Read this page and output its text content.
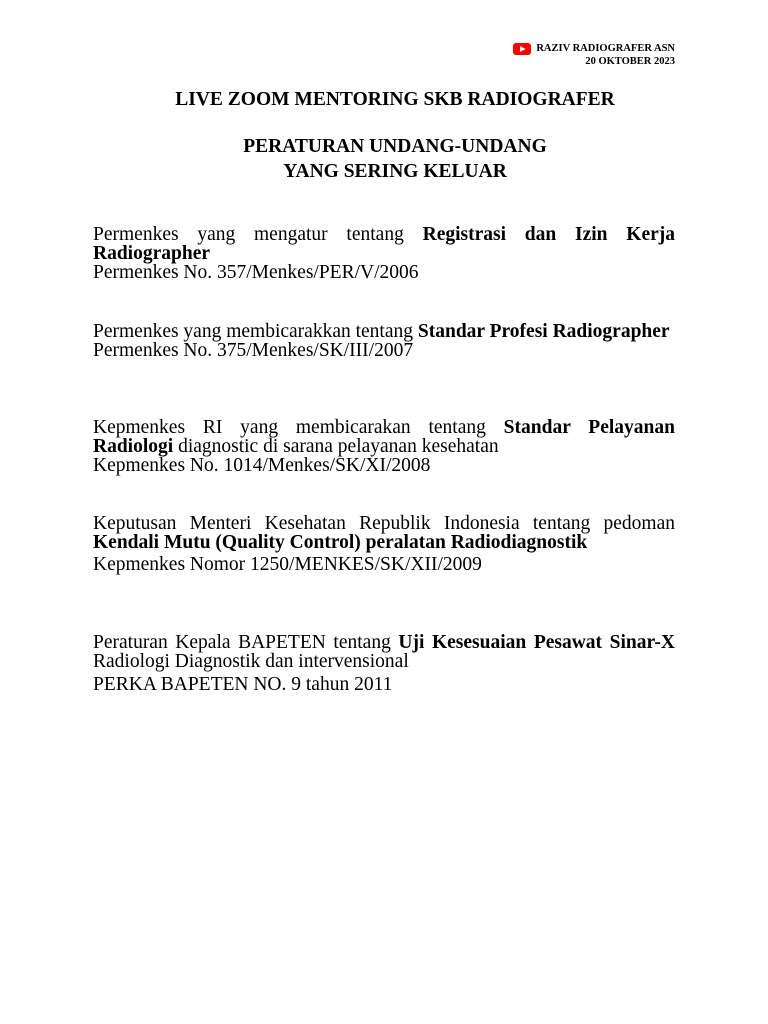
RAZIV RADIOGRAFER ASN
20 OKTOBER 2023
LIVE ZOOM MENTORING SKB RADIOGRAFER
PERATURAN UNDANG-UNDANG
YANG SERING KELUAR
Permenkes yang mengatur tentang Registrasi dan Izin Kerja Radiographer
Permenkes No. 357/Menkes/PER/V/2006
Permenkes yang membicarakkan tentang Standar Profesi Radiographer
Permenkes No. 375/Menkes/SK/III/2007
Kepmenkes RI yang membicarakan tentang Standar Pelayanan Radiologi diagnostic di sarana pelayanan kesehatan
Kepmenkes No. 1014/Menkes/SK/XI/2008
Keputusan Menteri Kesehatan Republik Indonesia tentang pedoman Kendali Mutu (Quality Control) peralatan Radiodiagnostik
Kepmenkes Nomor 1250/MENKES/SK/XII/2009
Peraturan Kepala BAPETEN tentang Uji Kesesuaian Pesawat Sinar-X Radiologi Diagnostik dan intervensional
PERKA BAPETEN NO. 9 tahun 2011
